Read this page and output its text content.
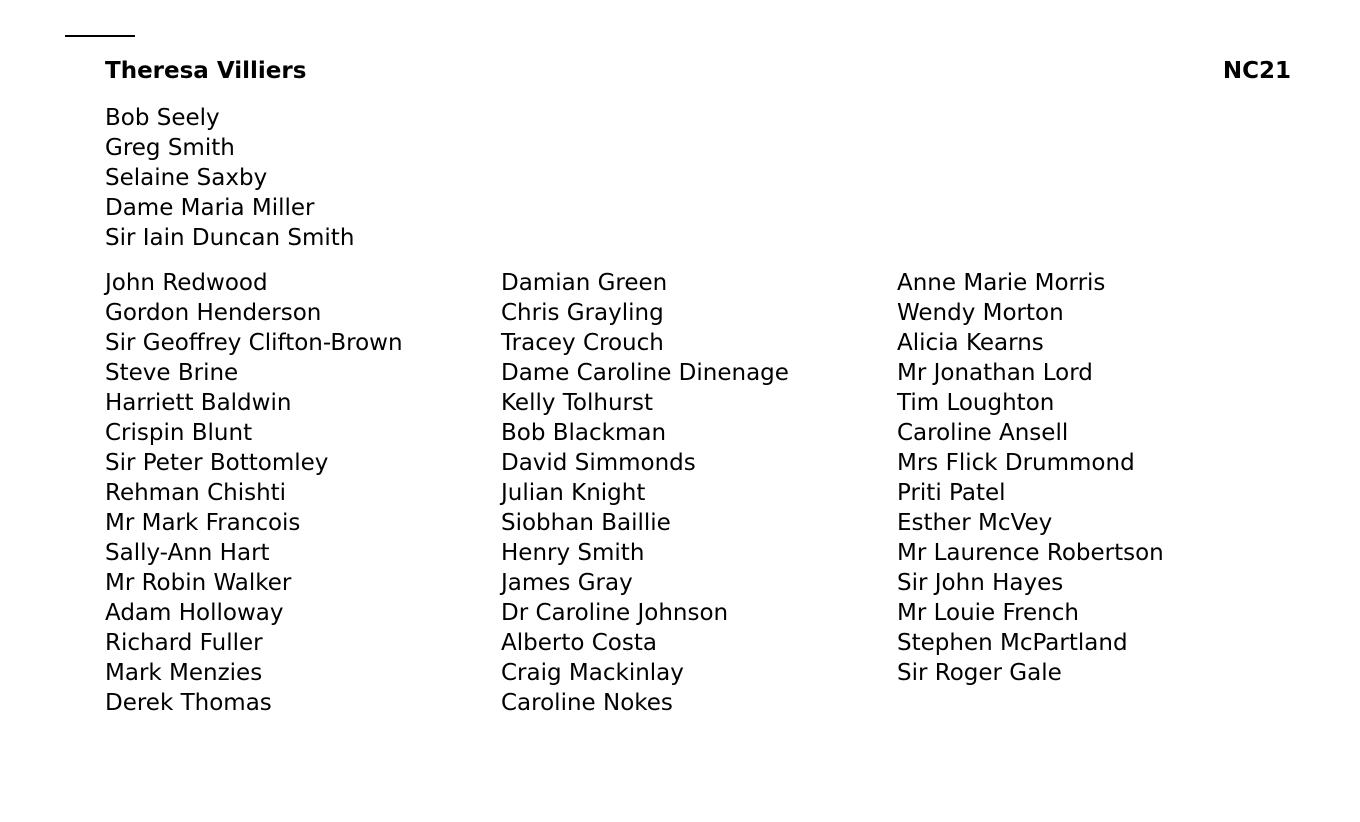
Theresa Villiers	NC21
Bob Seely
Greg Smith
Selaine Saxby
Dame Maria Miller
Sir Iain Duncan Smith
John Redwood
Gordon Henderson
Sir Geoffrey Clifton-Brown
Steve Brine
Harriett Baldwin
Crispin Blunt
Sir Peter Bottomley
Rehman Chishti
Mr Mark Francois
Sally-Ann Hart
Mr Robin Walker
Adam Holloway
Richard Fuller
Mark Menzies
Derek Thomas
Damian Green
Chris Grayling
Tracey Crouch
Dame Caroline Dinenage
Kelly Tolhurst
Bob Blackman
David Simmonds
Julian Knight
Siobhan Baillie
Henry Smith
James Gray
Dr Caroline Johnson
Alberto Costa
Craig Mackinlay
Caroline Nokes
Anne Marie Morris
Wendy Morton
Alicia Kearns
Mr Jonathan Lord
Tim Loughton
Caroline Ansell
Mrs Flick Drummond
Priti Patel
Esther McVey
Mr Laurence Robertson
Sir John Hayes
Mr Louie French
Stephen McPartland
Sir Roger Gale
